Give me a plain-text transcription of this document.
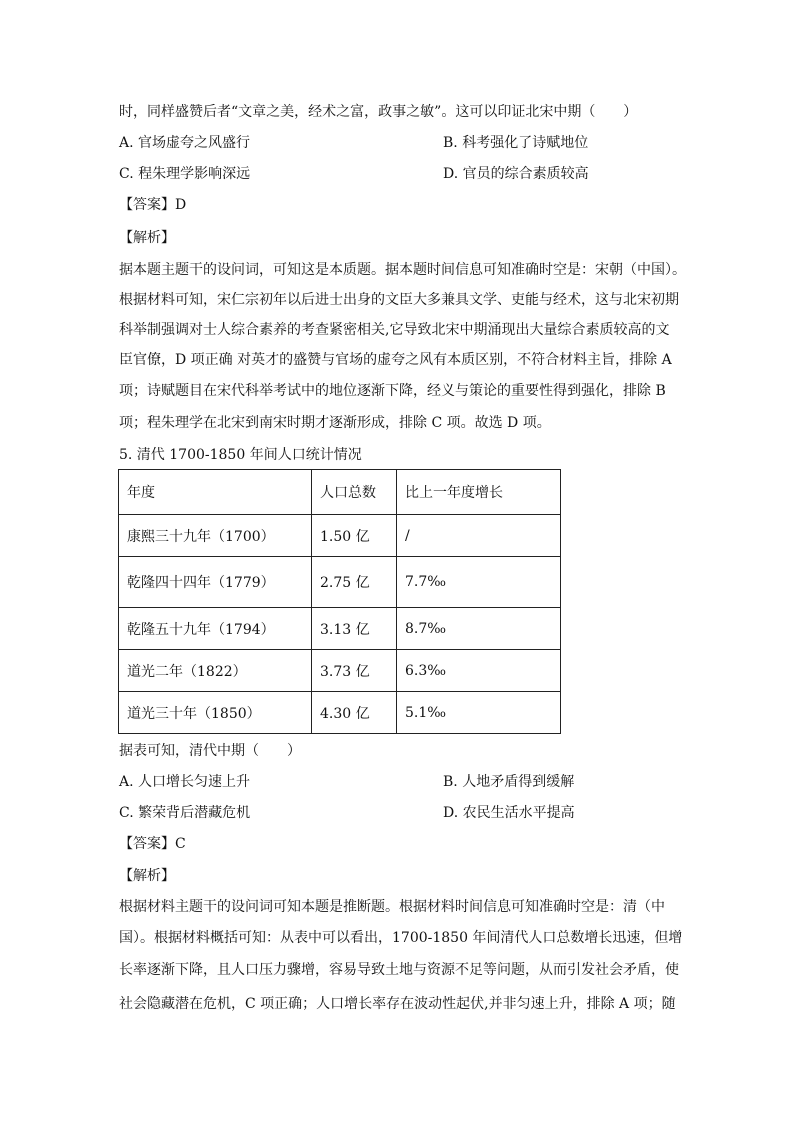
时，同样盛赞后者“文章之美，经术之富，政事之敏”。这可以印证北宋中期（　　）
A. 官场虚夸之风盛行	B. 科考强化了诗赋地位
C. 程朱理学影响深远	D. 官员的综合素质较高
【答案】D
【解析】
据本题主题干的设问词，可知这是本质题。据本题时间信息可知准确时空是：宋朝（中国）。
根据材料可知，宋仁宗初年以后进士出身的文臣大多兼具文学、吏能与经术，这与北宋初期
科举制强调对士人综合素养的考查紧密相关,它导致北宋中期涌现出大量综合素质较高的文
臣官僚，D 项正确 对英才的盛赞与官场的虚夸之风有本质区别，不符合材料主旨，排除 A
项；诗赋题目在宋代科举考试中的地位逐渐下降，经义与策论的重要性得到强化，排除 B
项；程朱理学在北宋到南宋时期才逐渐形成，排除 C 项。故选 D 项。
5. 清代 1700-1850 年间人口统计情况
年度	人口总数	比上一年度增长
康熙三十九年（1700）	1.50 亿	/
乾隆四十四年（1779）	2.75 亿	7.7‰
乾隆五十九年（1794）	3.13 亿	8.7‰
道光二年（1822）	3.73 亿	6.3‰
道光三十年（1850）	4.30 亿	5.1‰
据表可知，清代中期（　　）
A. 人口增长匀速上升	B. 人地矛盾得到缓解
C. 繁荣背后潜藏危机	D. 农民生活水平提高
【答案】C
【解析】
根据材料主题干的设问词可知本题是推断题。根据材料时间信息可知准确时空是：清（中
国）。根据材料概括可知：从表中可以看出，1700-1850 年间清代人口总数增长迅速，但增
长率逐渐下降，且人口压力骤增，容易导致土地与资源不足等问题，从而引发社会矛盾，使
社会隐藏潜在危机，C 项正确；人口增长率存在波动性起伏,并非匀速上升，排除 A 项；随
